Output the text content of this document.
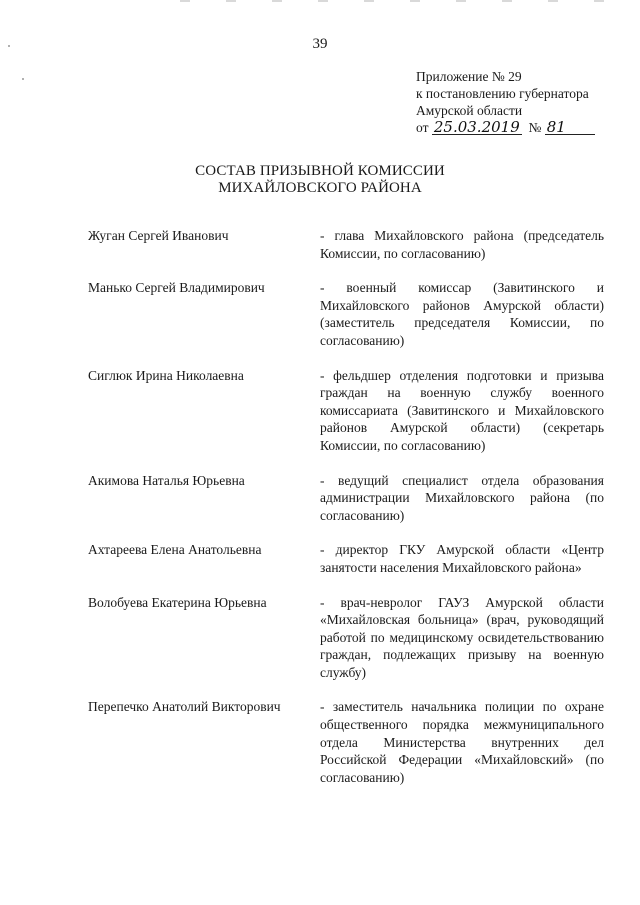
39
Приложение № 29
к постановлению губернатора
Амурской области
от 25.03.2019 № 81
СОСТАВ ПРИЗЫВНОЙ КОМИССИИ
МИХАЙЛОВСКОГО РАЙОНА
Жуган Сергей Иванович	- глава Михайловского района (председатель Комиссии, по согласованию)
Манько Сергей Владимирович	- военный комиссар (Завитинского и Михайловского районов Амурской области) (заместитель председателя Комиссии, по согласованию)
Сиглюк Ирина Николаевна	- фельдшер отделения подготовки и призыва граждан на военную службу военного комиссариата (Завитинского и Михайловского районов Амурской области) (секретарь Комиссии, по согласованию)
Акимова Наталья Юрьевна	- ведущий специалист отдела образования администрации Михайловского района (по согласованию)
Ахтареева Елена Анатольевна	- директор ГКУ Амурской области «Центр занятости населения Михайловского района»
Волобуева Екатерина Юрьевна	- врач-невролог ГАУЗ Амурской области «Михайловская больница» (врач, руководящий работой по медицинскому освидетельствованию граждан, подлежащих призыву на военную службу)
Перепечко Анатолий Викторович	- заместитель начальника полиции по охране общественного порядка межмуниципального отдела Министерства внутренних дел Российской Федерации «Михайловский» (по согласованию)
